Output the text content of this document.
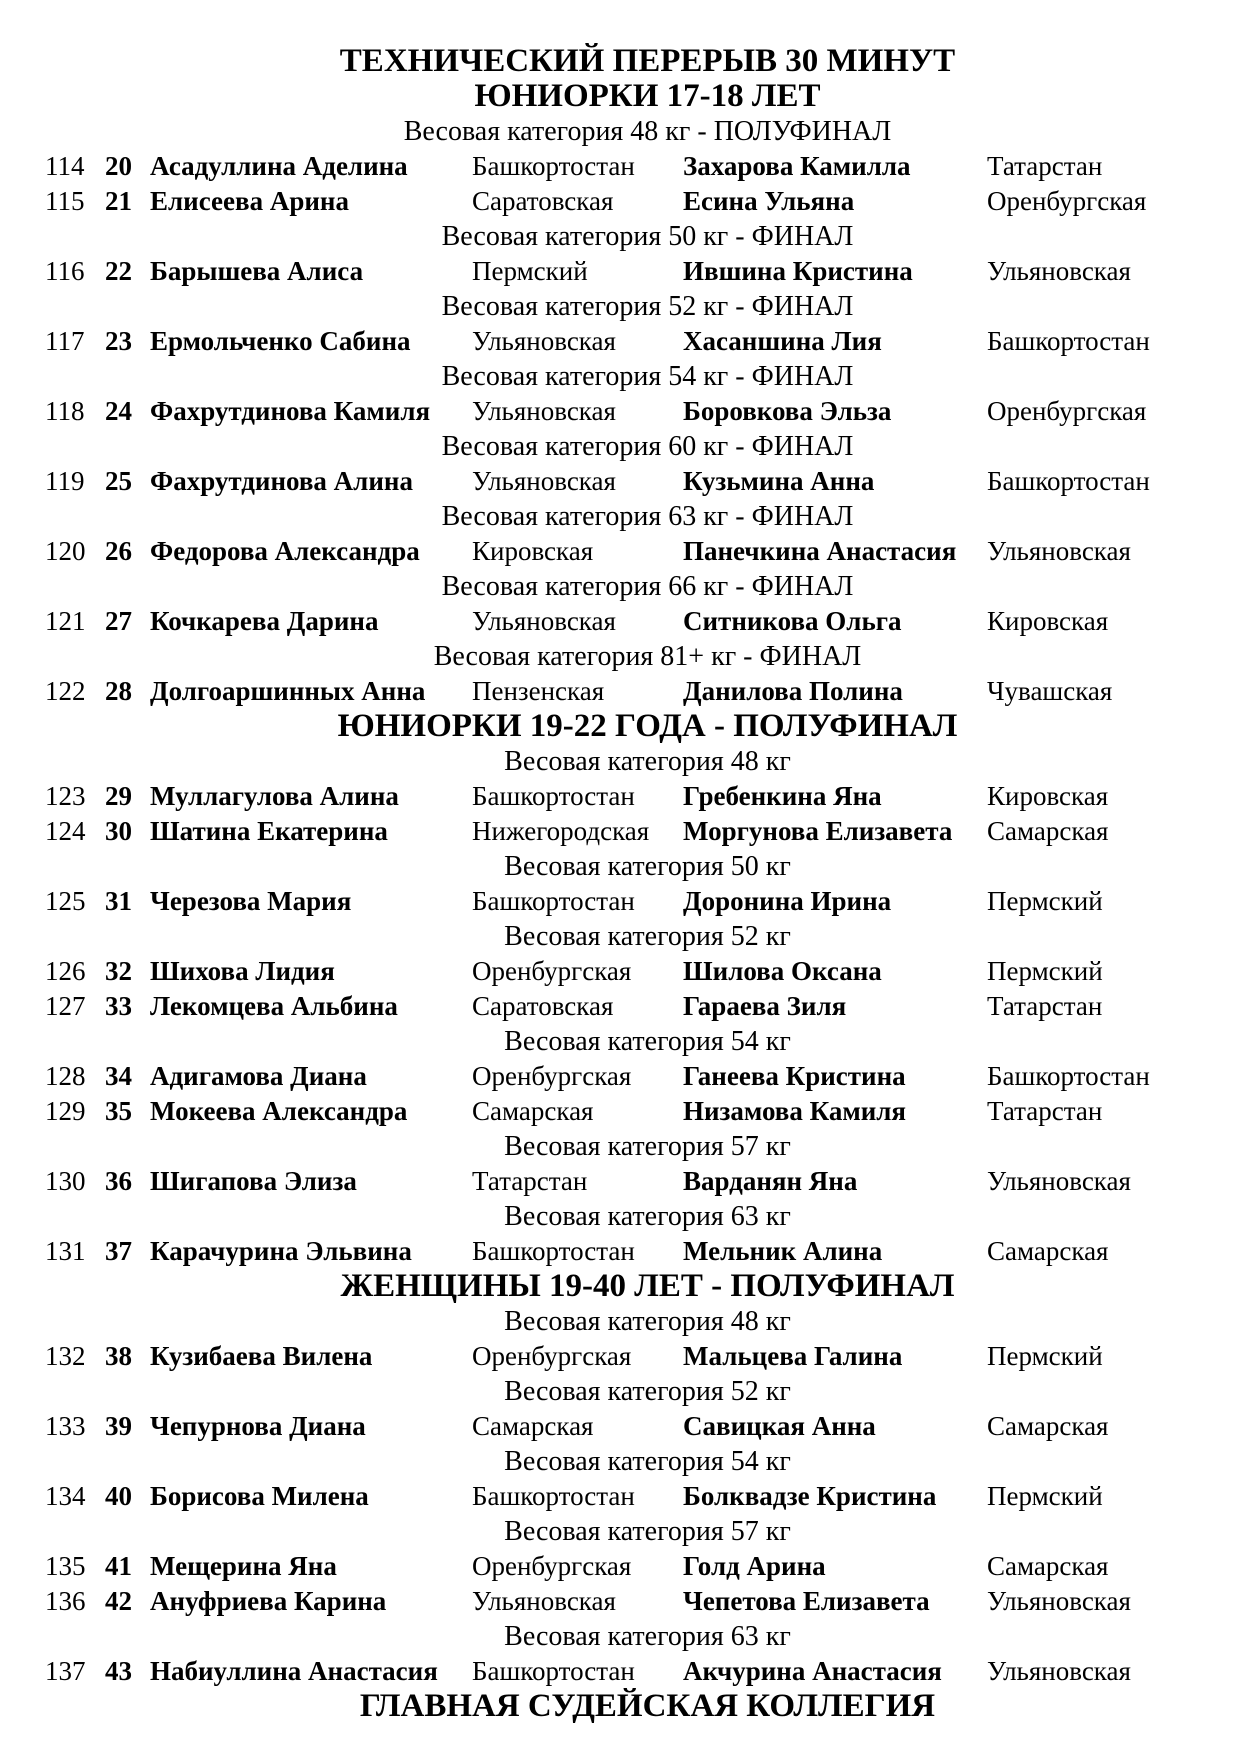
ТЕХНИЧЕСКИЙ ПЕРЕРЫВ 30 МИНУТ
ЮНИОРКИ 17-18 ЛЕТ
Весовая категория 48 кг - ПОЛУФИНАЛ
114 20 Асадуллина Аделина	Башкортостан	Захарова Камилла	Татарстан
115 21 Елисеева Арина	Саратовская	Есина Ульяна	Оренбургская
Весовая категория 50 кг - ФИНАЛ
116 22 Барышева Алиса	Пермский	Ившина Кристина	Ульяновская
Весовая категория 52 кг - ФИНАЛ
117 23 Ермольченко Сабина	Ульяновская	Хасаншина Лия	Башкортостан
Весовая категория 54 кг - ФИНАЛ
118 24 Фахрутдинова Камиля	Ульяновская	Боровкова Эльза	Оренбургская
Весовая категория 60 кг - ФИНАЛ
119 25 Фахрутдинова Алина	Ульяновская	Кузьмина Анна	Башкортостан
Весовая категория 63 кг - ФИНАЛ
120 26 Федорова Александра	Кировская	Панечкина Анастасия	Ульяновская
Весовая категория 66 кг - ФИНАЛ
121 27 Кочкарева Дарина	Ульяновская	Ситникова Ольга	Кировская
Весовая категория 81+ кг - ФИНАЛ
122 28 Долгоаршинных Анна	Пензенская	Данилова Полина	Чувашская
ЮНИОРКИ 19-22 ГОДА - ПОЛУФИНАЛ
Весовая категория 48 кг
123 29 Муллагулова Алина	Башкортостан	Гребенкина Яна	Кировская
124 30 Шатина Екатерина	Нижегородская	Моргунова Елизавета	Самарская
Весовая категория 50 кг
125 31 Черезова Мария	Башкортостан	Доронина Ирина	Пермский
Весовая категория 52 кг
126 32 Шихова Лидия	Оренбургская	Шилова Оксана	Пермский
127 33 Лекомцева Альбина	Саратовская	Гараева Зиля	Татарстан
Весовая категория 54 кг
128 34 Адигамова Диана	Оренбургская	Ганеева Кристина	Башкортостан
129 35 Мокеева Александра	Самарская	Низамова Камиля	Татарстан
Весовая категория 57 кг
130 36 Шигапова Элиза	Татарстан	Варданян Яна	Ульяновская
Весовая категория 63 кг
131 37 Карачурина Эльвина	Башкортостан	Мельник Алина	Самарская
ЖЕНЩИНЫ 19-40 ЛЕТ - ПОЛУФИНАЛ
Весовая категория 48 кг
132 38 Кузибаева Вилена	Оренбургская	Мальцева Галина	Пермский
Весовая категория 52 кг
133 39 Чепурнова Диана	Самарская	Савицкая Анна	Самарская
Весовая категория 54 кг
134 40 Борисова Милена	Башкортостан	Болквадзе Кристина	Пермский
Весовая категория 57 кг
135 41 Мещерина Яна	Оренбургская	Голд Арина	Самарская
136 42 Ануфриева Карина	Ульяновская	Чепетова Елизавета	Ульяновская
Весовая категория 63 кг
137 43 Набиуллина Анастасия	Башкортостан	Акчурина Анастасия	Ульяновская
ГЛАВНАЯ СУДЕЙСКАЯ КОЛЛЕГИЯ
